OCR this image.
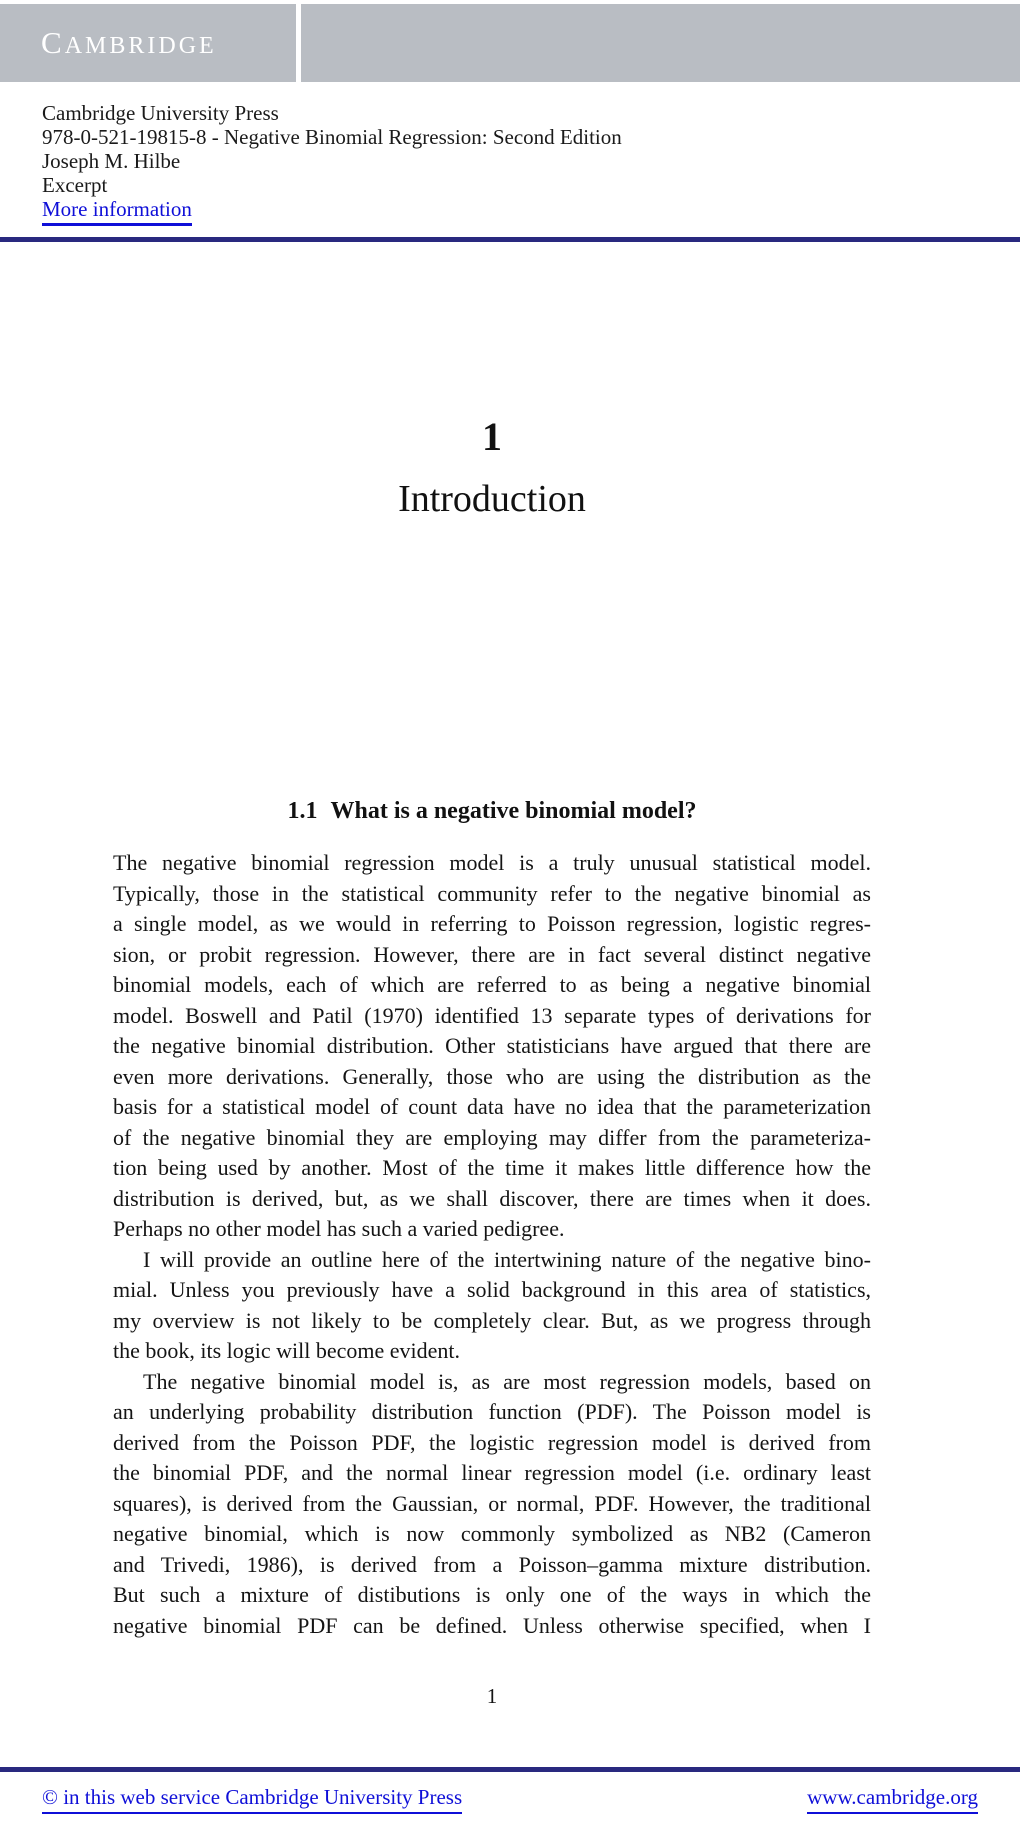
CAMBRIDGE
Cambridge University Press
978-0-521-19815-8 - Negative Binomial Regression: Second Edition
Joseph M. Hilbe
Excerpt
More information
1
Introduction
1.1 What is a negative binomial model?
The negative binomial regression model is a truly unusual statistical model.
Typically, those in the statistical community refer to the negative binomial as
a single model, as we would in referring to Poisson regression, logistic regres-
sion, or probit regression. However, there are in fact several distinct negative
binomial models, each of which are referred to as being a negative binomial
model. Boswell and Patil (1970) identified 13 separate types of derivations for
the negative binomial distribution. Other statisticians have argued that there are
even more derivations. Generally, those who are using the distribution as the
basis for a statistical model of count data have no idea that the parameterization
of the negative binomial they are employing may differ from the parameteriza-
tion being used by another. Most of the time it makes little difference how the
distribution is derived, but, as we shall discover, there are times when it does.
Perhaps no other model has such a varied pedigree.
I will provide an outline here of the intertwining nature of the negative bino-
mial. Unless you previously have a solid background in this area of statistics,
my overview is not likely to be completely clear. But, as we progress through
the book, its logic will become evident.
The negative binomial model is, as are most regression models, based on
an underlying probability distribution function (PDF). The Poisson model is
derived from the Poisson PDF, the logistic regression model is derived from
the binomial PDF, and the normal linear regression model (i.e. ordinary least
squares), is derived from the Gaussian, or normal, PDF. However, the traditional
negative binomial, which is now commonly symbolized as NB2 (Cameron
and Trivedi, 1986), is derived from a Poisson–gamma mixture distribution.
But such a mixture of distibutions is only one of the ways in which the
negative binomial PDF can be defined. Unless otherwise specified, when I
1
© in this web service Cambridge University Press	www.cambridge.org
